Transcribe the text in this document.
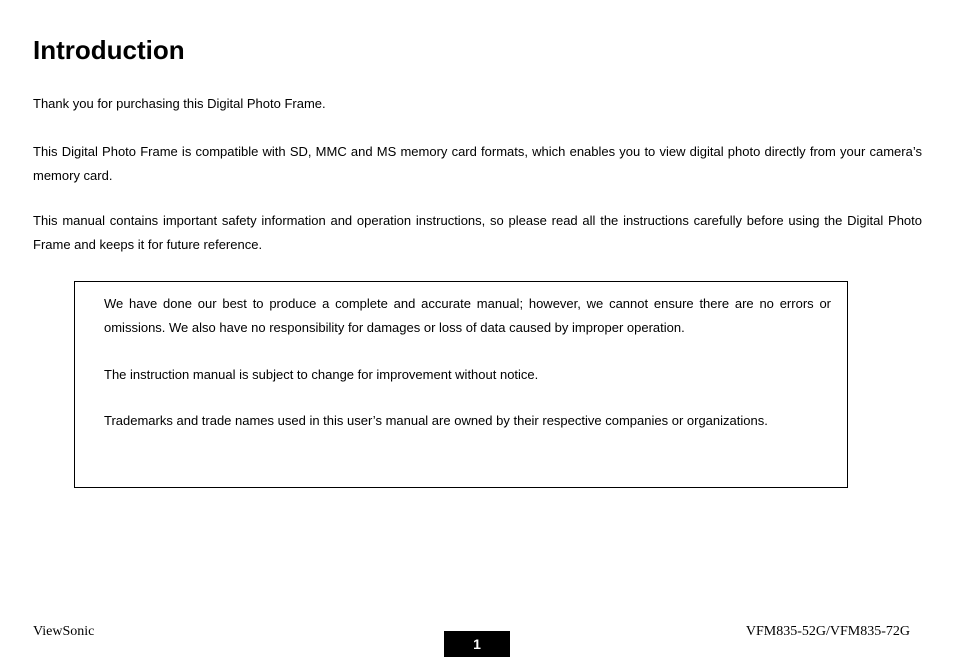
Introduction

Thank you for purchasing this Digital Photo Frame.

This Digital Photo Frame is compatible with SD, MMC and MS memory card formats, which enables you to view digital photo directly from your camera’s memory card.

This manual contains important safety information and operation instructions, so please read all the instructions carefully before using the Digital Photo Frame and keeps it for future reference.

We have done our best to produce a complete and accurate manual; however, we cannot ensure there are no errors or omissions. We also have no responsibility for damages or loss of data caused by improper operation.

The instruction manual is subject to change for improvement without notice.

Trademarks and trade names used in this user’s manual are owned by their respective companies or organizations.

ViewSonic
1
VFM835-52G/VFM835-72G
